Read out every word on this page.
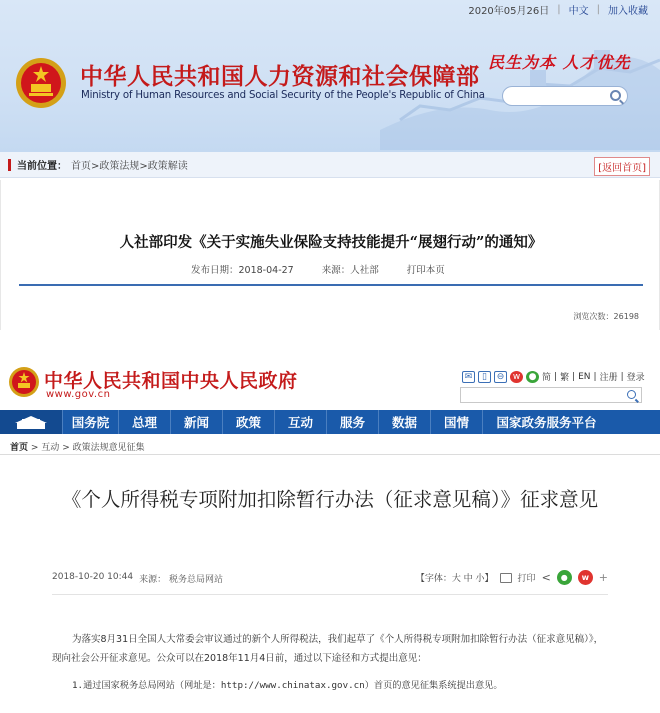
2020年05月26日 | 中文 | 加入收藏
中华人民共和国人力资源和社会保障部
Ministry of Human Resources and Social Security of the People's Republic of China
民生为本 人才优先
当前位置： 首页>政策法规>政策解读	[返回首页]
人社部印发《关于实施失业保险支持技能提升“展翅行动”的通知》
发布日期：2018-04-27	来源：人社部	打印本页
浏览次数：26198
中华人民共和国中央人民政府
www.gov.cn
✉	▯	⊖ w ● 简 | 繁 | EN | 注册 | 登录
国务院	总理	新闻	政策	互动	服务	数据	国情	国家政务服务平台
首页 > 互动 > 政策法规意见征集
《个人所得税专项附加扣除暂行办法（征求意见稿）》征求意见
2018-10-20 10:44 来源： 税务总局网站	【字体：大 中 小】	打印 <	●	w +

为落实8月31日全国人大常委会审议通过的新个人所得税法，我们起草了《个人所得税专项附加扣除暂行办法（征求意见稿）》，现向社会公开征求意见。公众可以在2018年11月4日前，通过以下途径和方式提出意见：

1.通过国家税务总局网站（网址是：http://www.chinatax.gov.cn）首页的意见征集系统提出意见。
